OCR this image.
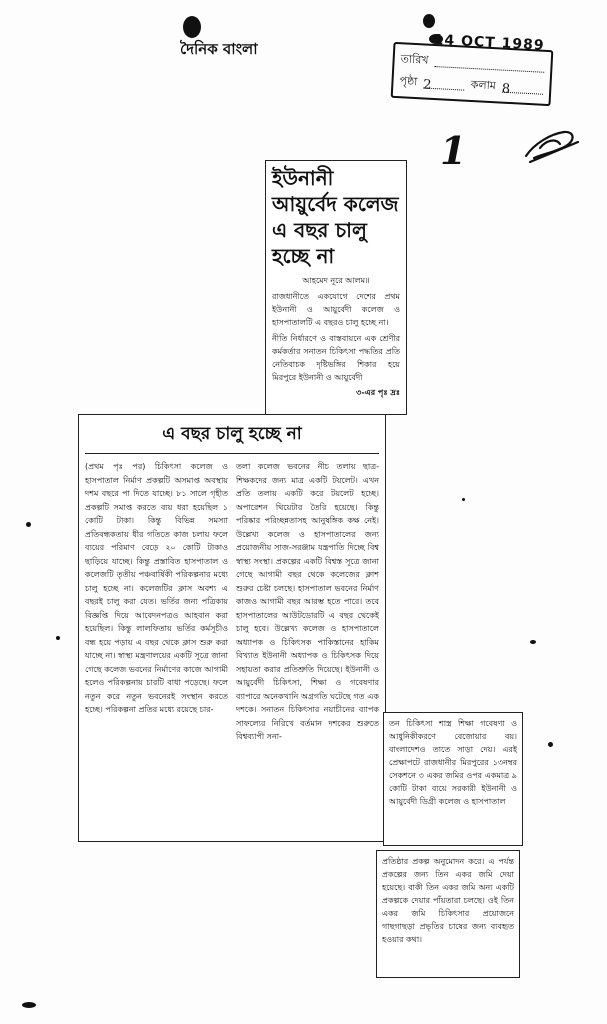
দৈনিক বাংলা	14 OCT 1989
তারিখ
পৃষ্ঠা 2	কলাম 8
1
ইউনানী আয়ুর্বেদ কলেজ এ বছর চালু হচ্ছে না
আহমেদ নূরে আলম॥

রাজধানীতে একযোগে দেশের প্রথম ইউনানী ও আয়ুর্বেদী কলেজ ও হাসপাতালটি এ বছরও চালু হচ্ছে না।

নীতি নির্ধারণে ও বাস্তবায়নে এক শ্রেণীর কর্মকর্তার সনাতন চিকিৎসা পদ্ধতির প্রতি নেতিবাচক দৃষ্টিভঙ্গির শিকার হয়ে মিরপুরে ইউনানী ও আয়ুর্বেদী

৩-এর পৃঃ দ্রঃ
এ বছর চালু হচ্ছে না

(প্রথম পৃঃ পর) চিকিৎসা কলেজ ও হাসপাতাল নির্মাণ প্রকল্পটি অসমাপ্ত অবস্থায় দশম বছরে পা দিতে যাচ্ছে। ৮১ সালে গৃহীত প্রকল্পটি সমাপ্ত করতে ব্যয় ধরা হয়েছিল ১ কোটি টাকা। কিন্তু বিভিন্ন সমস্যা প্রতিবন্ধকতায় ধীর গতিতে কাজ চলায় ফলে ব্যয়ের পরিমাণ বেড়ে ২০ কোটি টাকাও ছাড়িয়ে যাচ্ছে। কিন্তু প্রস্তাবিত হাসপাতাল ও কলেজটি তৃতীয় পঞ্চবার্ষিকী পরিকল্পনার মধ্যে চালু হচ্ছে না। কলেজটির ক্লাস অবশ্য এ বছরই চালু করা যেত। ভর্তির জন্য পত্রিকায় বিজ্ঞপ্তি দিয়ে আবেদনপত্রও আহবান করা হয়েছিল। কিন্তু লালফিতায় ভর্তির কর্মসূচীও বন্ধ হয়ে পড়ায় এ বছর থেকে ক্লাস শুরু করা যাচ্ছে না। স্বাস্থ্য মন্ত্রণালয়ের একটি সূত্রে জানা গেছে কলেজ ভবনের নির্মাণের কাজে আগামী হলেও পরিকল্পনায় চারটি বাধা পড়েছে। ফলে নতুন করে নতুন ভবনেরই সংস্থান করতে হচ্ছে। পরিকল্পনা প্রতির মধ্যে রয়েছে চার-

তলা কলেজ ভবনের নীচ তলায় ছাত্র-শিক্ষকদের জন্য মাত্র একটি টয়লেট। এখন প্রতি তলায় একটি করে টয়লেট হচ্ছে। অপারেশন থিয়েটার তৈরি হয়েছে। কিন্তু পরিষ্কার পরিচ্ছন্নতাসহ আনুষঙ্গিক কক্ষ নেই। উল্লেখ্য কলেজ ও হাসপাতালের জন্য প্রয়োজনীয় সাজ-সরঞ্জাম যন্ত্রপাতি দিচ্ছে বিশ্ব স্বাস্থ্য সংস্থা। প্রকল্পের একটি বিশ্বস্ত সূত্রে জানা গেছে আগামী বছর থেকে কলেজের ক্লাশ শুরুর চেষ্টা চলছে। হাসপাতাল ভবনের নির্মাণ কাজও আগামী বছর আরম্ভ হতে পারে। তবে হাসপাতালের আউটডোরটি এ বছর থেকেই চালু হবে। উল্লেখ্য কলেজ ও হাসপাতালে অধ্যাপক ও চিকিৎসক পাকিস্তানের হাকিম বিখ্যাত ইউনানী অধ্যাপক ও চিকিৎসক দিয়ে সহায়তা করার প্রতিশ্রুতি দিয়েছে। ইউনানী ও আয়ুর্বেদী চিকিৎসা, শিক্ষা ও গবেষণার ব্যাপারে অনেকখানি অগ্রগতি ঘটেছে গত এক দশকে। সনাতন চিকিৎসার নয়াচীনের ব্যাপক সাফল্যের নিরিখে বর্তমান দশকের শুরুতে বিশ্বব্যাপী সনা-

তন চিকিৎসা শাস্ত্র শিক্ষা গবেষণা ও আধুনিকীকরণে বেজোয়ার বয়। বাংলাদেশও তাতে সাড়া দেয়। এরই প্রেক্ষাপটে রাজধানীর মিরপুরের ১৩নম্বর সেকশনে ৩ একর জমির ওপর একমাত্র ৯ কোটি টাকা ব্যয়ে সরকারী ইউনানী ও আয়ুর্বেদী ডিগ্রী কলেজ ও হাসপাতাল

প্রতিষ্ঠার প্রকল্প অনুমোদন করে। এ পর্যন্ত প্রকল্পের জন্য তিন একর জমি দেয়া হয়েছে। বাকী তিন একর জমি অন্য একটি প্রকল্পকে দেয়ার পাঁয়তারা চলছে। ওই তিন একর জমি চিকিৎসার প্রয়োজনে গাছগাছড়া প্রভৃতির চাষের জন্য ব্যবহৃত হওয়ার কথা।
